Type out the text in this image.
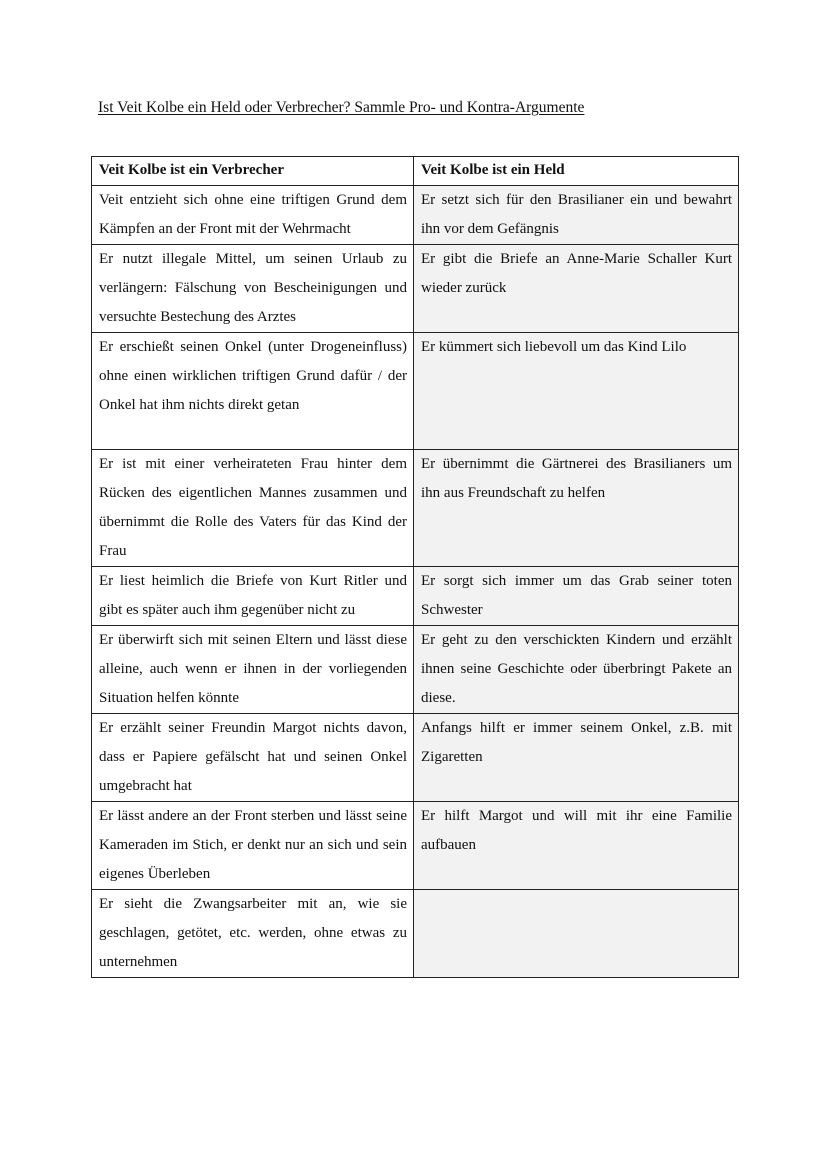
Ist Veit Kolbe ein Held oder Verbrecher? Sammle Pro- und Kontra-Argumente
Veit Kolbe ist ein Verbrecher	Veit Kolbe ist ein Held
Veit entzieht sich ohne eine triftigen Grund dem Kämpfen an der Front mit der Wehrmacht	Er setzt sich für den Brasilianer ein und bewahrt ihn vor dem Gefängnis
Er nutzt illegale Mittel, um seinen Urlaub zu verlängern: Fälschung von Bescheinigungen und versuchte Bestechung des Arztes	Er gibt die Briefe an Anne-Marie Schaller Kurt wieder zurück
Er erschießt seinen Onkel (unter Drogeneinfluss) ohne einen wirklichen triftigen Grund dafür / der Onkel hat ihm nichts direkt getan	Er kümmert sich liebevoll um das Kind Lilo
Er ist mit einer verheirateten Frau hinter dem Rücken des eigentlichen Mannes zusammen und übernimmt die Rolle des Vaters für das Kind der Frau	Er übernimmt die Gärtnerei des Brasilianers um ihn aus Freundschaft zu helfen
Er liest heimlich die Briefe von Kurt Ritler und gibt es später auch ihm gegenüber nicht zu	Er sorgt sich immer um das Grab seiner toten Schwester
Er überwirft sich mit seinen Eltern und lässt diese alleine, auch wenn er ihnen in der vorliegenden Situation helfen könnte	Er geht zu den verschickten Kindern und erzählt ihnen seine Geschichte oder überbringt Pakete an diese.
Er erzählt seiner Freundin Margot nichts davon, dass er Papiere gefälscht hat und seinen Onkel umgebracht hat	Anfangs hilft er immer seinem Onkel, z.B. mit Zigaretten
Er lässt andere an der Front sterben und lässt seine Kameraden im Stich, er denkt nur an sich und sein eigenes Überleben	Er hilft Margot und will mit ihr eine Familie aufbauen
Er sieht die Zwangsarbeiter mit an, wie sie geschlagen, getötet, etc. werden, ohne etwas zu unternehmen	
